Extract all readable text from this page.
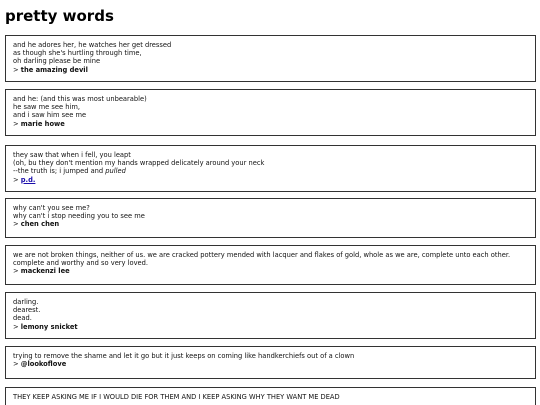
pretty words
and he adores her, he watches her get dressed
as though she's hurtling through time,
oh darling please be mine
> the amazing devil
and he: (and this was most unbearable)
he saw me see him,
and i saw him see me
> marie howe
they saw that when i fell, you leapt
(oh, bu they don't mention my hands wrapped delicately around your neck
--the truth is; i jumped and pulled
> p.d.
why can't you see me?
why can't i stop needing you to see me
> chen chen
we are not broken things, neither of us. we are cracked pottery mended with lacquer and flakes of gold, whole as we are, complete unto each other. complete and worthy and so very loved.
> mackenzi lee
darling.
dearest.
dead.
> lemony snicket
trying to remove the shame and let it go but it just keeps on coming like handkerchiefs out of a clown
> @lookoflove
THEY KEEP ASKING ME IF I WOULD DIE FOR THEM AND I KEEP ASKING WHY THEY WANT ME DEAD
